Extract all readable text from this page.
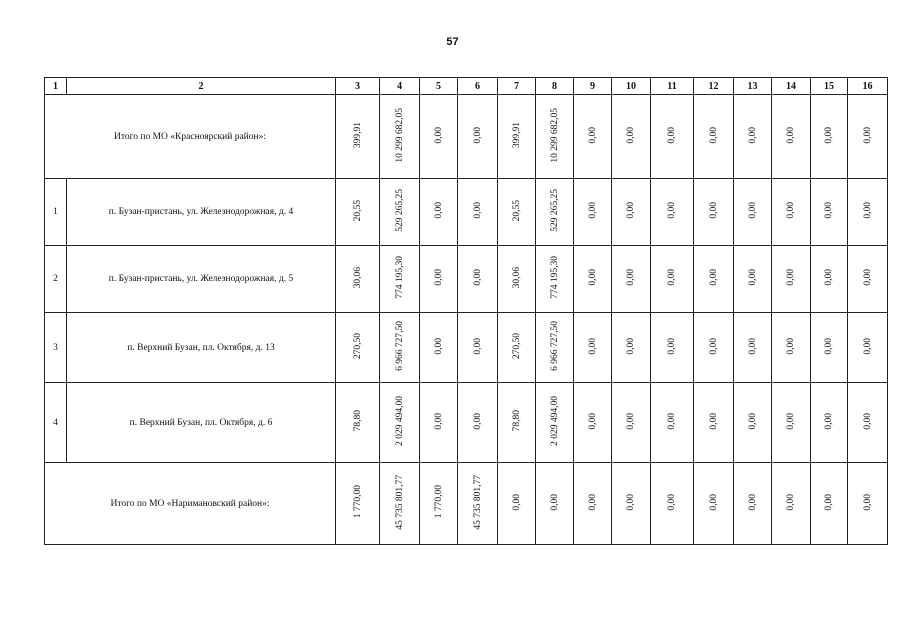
57
1	2	3	4	5	6	7	8	9	10	11	12	13	14	15	16
Итого по МО «Красноярский район»:		399,91	10 299 682,05	0,00	0,00	399,91	10 299 682,05	0,00	0,00	0,00	0,00	0,00	0,00	0,00	0,00
1	п. Бузан-пристань, ул. Железнодорожная, д. 4	20,55	529 265,25	0,00	0,00	20,55	529 265,25	0,00	0,00	0,00	0,00	0,00	0,00	0,00	0,00
2	п. Бузан-пристань, ул. Железнодорожная, д. 5	30,06	774 195,30	0,00	0,00	30,06	774 195,30	0,00	0,00	0,00	0,00	0,00	0,00	0,00	0,00
3	п. Верхний Бузан, пл. Октября, д. 13	270,50	6 966 727,50	0,00	0,00	270,50	6 966 727,50	0,00	0,00	0,00	0,00	0,00	0,00	0,00	0,00
4	п. Верхний Бузан, пл. Октября, д. 6	78,80	2 029 494,00	0,00	0,00	78,80	2 029 494,00	0,00	0,00	0,00	0,00	0,00	0,00	0,00	0,00
Итого по МО «Наримановский район»:		1 770,00	45 735 801,77	1 770,00	45 735 801,77	0,00	0,00	0,00	0,00	0,00	0,00	0,00	0,00	0,00	0,00
